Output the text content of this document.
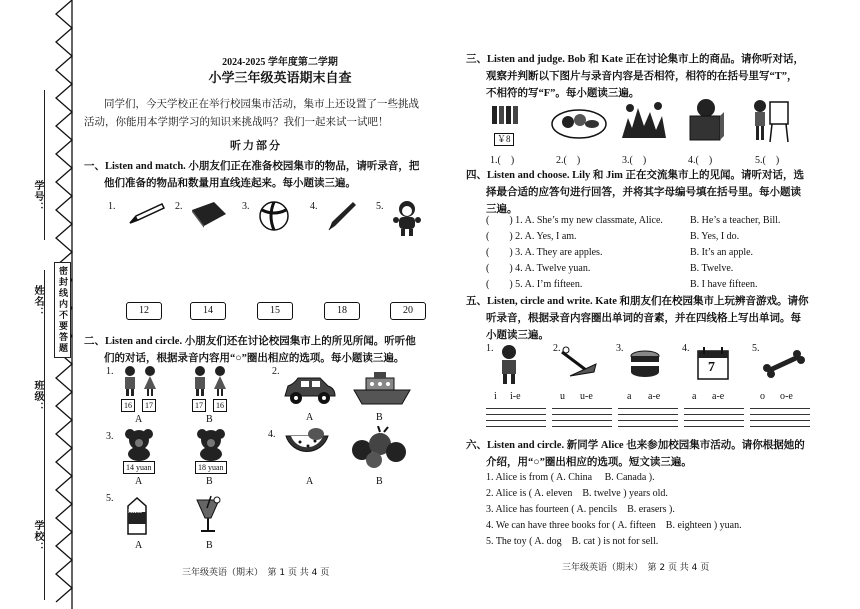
学号：
姓名：
班级：
学校：
密封线内不要答题
2024-2025 学年度第二学期
小学三年级英语期末自查
同学们，今天学校正在举行校园集市活动，集市上还设置了一些挑战
活动，你能用本学期学习的知识来挑战吗？我们一起来试一试吧！
听力部分
一、Listen and match. 小朋友们正在准备校园集市的物品，请听录音，把
他们准备的物品和数量用直线连起来。每小题读三遍。
1.	2.	3.	4.	5.
12	14	15	18	20
二、Listen and circle. 小朋友们还在讨论校园集市上的所见所闻。听听他
们的对话，根据录音内容用“○”圈出相应的选项。每小题读三遍。
1.
16	17
A
17	16
B
2.
A	B
3.
14 yuan
A
18 yuan
B
4.
A	B
5.
MILK
A	B
三年级英语（期末）　第 1 页 共 4 页
三、Listen and judge. Bob 和 Kate 正在讨论集市上的商品。请你听对话，
观察并判断以下图片与录音内容是否相符，相符的在括号里写“T”，
不相符的写“F”。每小题读三遍。
￥8
1.(　)	2.(　)	3.(　)	4.(　)	5.(　)
四、Listen and choose. Lily 和 Jim 正在交流集市上的见闻。请听对话，选
择最合适的应答句进行回答，并将其字母编号填在括号里。每小题读
三遍。
(　　) 1. A. She’s my new classmate, Alice.	B. He’s a teacher, Bill.
(　　) 2. A. Yes, I am.	B. Yes, I do.
(　　) 3. A. They are apples.	B. It’s an apple.
(　　) 4. A. Twelve yuan.	B. Twelve.
(　　) 5. A. I’m fifteen.	B. I have fifteen.
五、Listen, circle and write. Kate 和朋友们在校园集市上玩辨音游戏。请你
听录音，根据录音内容圈出单词的音素，并在四线格上写出单词。每
小题读三遍。
1.	2.	3.	4.
7
5.
i i-e	u u-e	a a-e	a a-e	o o-e
六、Listen and circle. 新同学 Alice 也来参加校园集市活动。请你根据她的
介绍，用“○”圈出相应的选项。短文读三遍。
1. Alice is from ( A. China　 B. Canada ).
2. Alice is ( A. eleven　B. twelve ) years old.
3. Alice has fourteen ( A. pencils　B. erasers ).
4. We can have three books for ( A. fifteen　B. eighteen ) yuan.
5. The toy ( A. dog　B. cat ) is not for sell.
三年级英语（期末）　第 2 页 共 4 页
